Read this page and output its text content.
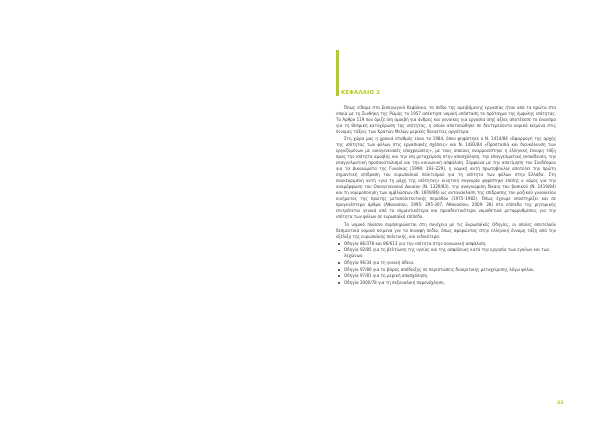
ΚΕΦΑΛΑΙΟ 2

Όπως είδαμε στο Εισαγωγικό Κεφάλαιο, το πεδίο της αμειβόμενης εργασίας ήταν από τα πρώτα στα οποία με τη Συνθήκη της Ρώμης το 1957 απέκτησε νομική υπόσταση το πρόταγμα της έμφυλης ισότητας. Το Άρθρο 119 που όριζε ίση αμοιβή για άνδρες και γυναίκες για εργασία ίσης αξίας αποτέλεσε το έναυσμα για τη θεσμική κατοχύρωση της ισότητας, η οποία αποτυπώθηκε σε δευτερεύοντα νομικά κείμενα στις έννομες τάξεις των Κρατών Μελών μερικές δεκαετίες αργότερα.

Στη χώρα μας η χρονιά σταθμός είναι το 1984, όπου ψηφίστηκε ο Ν. 1414/84 «Εφαρμογή της αρχής της ισότητας των φύλων στις εργασιακές σχέσεις» και Ν. 1483/84 «Προστασία και διευκόλυνση των εργαζομένων με οικογενειακές υποχρεώσεις», με τους οποίους εναρμονίστηκε η ελληνική έννομη τάξη προς την ισότητα αμοιβής και την ίση μεταχείριση στην απασχόληση, την επαγγελματική εκπαίδευση, την επαγγελματική προσανατολισμό και την κοινωνική ασφάλιση. Σύμφωνα με την αποτίμηση του Συνδέσμου για τα Δικαιώματα της Γυναίκας (1998: 193–229), η νομική αυτή πρωτοβουλία αποτελεί την πρώτη σημαντική επίδραση του ευρωπαϊκού πολιτισμού για τη ισότητα των φύλων στην Ελλάδα. Στη συγκεκριμένη αυτή «για τη μάχη της ισότητας» κινητική συγκυρία ψηφίστηκε επίσης ο νόμος για την αναμόρφωση του Οικογενειακού Δικαίου (Ν. 1329/83), την αναγνώριση δίκαιη του βασικού (Ν. 1419/84) και τη νομιμοποίηση των αμβλώσεων (Ν. 1609/86) ως αντανάκλαση της επίδρασης του μαζικού γυναικείου κινήματος της πρώτης μεταπολιτευτικής περιόδου (1975–1982). Όπως έχουμε υποστηρίξει και σε προγενέστερα άρθρα (Αθανασίου, 1995: 295-307, Αθανασίου, 2009: 28) στο επίπεδο της ρητορικής επιτρέπεται γενικά από τα σημαντικότερα και προοδευτικότερα νομοθετικά μεταρρυθμίσεις για την ισότητα των φύλων σε ευρωπαϊκό επίπεδο.

Το νομικό πλαίσιο συμπληρώνεται στη συνέχεια με τις Ευρωπαϊκές Οδηγίες, οι οποίες αποτελούν δεσμευτικά νομικά κείμενα για τα συναφή πεδία, όπως αφορώντας στην ελληνική έννομη τάξη από την εξέλιξη της ευρωπαϊκής πολιτικής, και ειδικότερα:

Οδηγία 86/378 και 86/613 για την ισότητα στην κοινωνική ασφάλιση.
Οδηγία 92/85 για τη βελτίωση της υγείας και της ασφάλειας κατά την εργασία των εγκύων και των λεχώνων.
Οδηγία 96/34 για τη γονική άδεια.
Οδηγία 97/80 για το βάρος απόδειξης σε περιπτώσεις διακριτικής μεταχείρισης λόγω φύλου.
Οδηγία 97/81 για τη μερική απασχόληση.
Οδηγία 2000/78 για τη σεξουαλική παρενόχληση.
33
